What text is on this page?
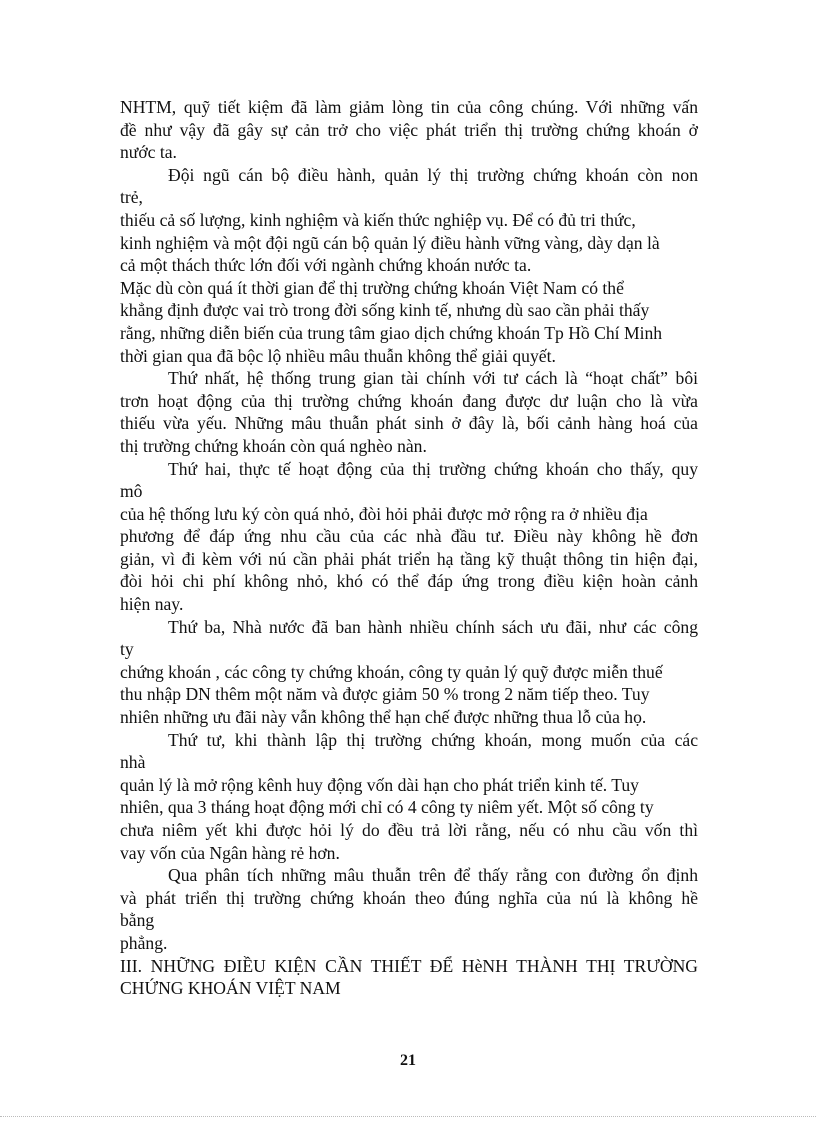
NHTM, quỹ tiết kiệm đã làm giảm lòng tin của công chúng. Với những vấn
đề như vậy đã gây sự cản trở cho việc phát triển thị trường chứng khoán ở
nước ta.
Đội ngũ cán bộ điều hành, quản lý thị trường chứng khoán còn non
trẻ,
thiếu cả số lượng, kinh nghiệm và kiến thức nghiệp vụ. Để có đủ tri thức,
kinh nghiệm và một đội ngũ cán bộ quản lý điều hành vững vàng, dày dạn là
cả một thách thức lớn đối với ngành chứng khoán nước ta.
Mặc dù còn quá ít thời gian để thị trường chứng khoán Việt Nam có thể
khẳng định được vai trò trong đời sống kinh tế, nhưng dù sao cần phải thấy
rằng, những diễn biến của trung tâm giao dịch chứng khoán Tp Hồ Chí Minh
thời gian qua đã bộc lộ nhiều mâu thuẫn không thể giải quyết.
Thứ nhất, hệ thống trung gian tài chính với tư cách là “hoạt chất” bôi
trơn hoạt động của thị trường chứng khoán đang được dư luận cho là vừa
thiếu vừa yếu. Những mâu thuẫn phát sinh ở đây là, bối cảnh hàng hoá của
thị trường chứng khoán còn quá nghèo nàn.
Thứ hai, thực tế hoạt động của thị trường chứng khoán cho thấy, quy
mô
của hệ thống lưu ký còn quá nhỏ, đòi hỏi phải được mở rộng ra ở nhiều địa
phương để đáp ứng nhu cầu của các nhà đầu tư. Điều này không hề đơn
giản, vì đi kèm với nú cần phải phát triển hạ tầng kỹ thuật thông tin hiện đại,
đòi hỏi chi phí không nhỏ, khó có thể đáp ứng trong điều kiện hoàn cảnh
hiện nay.
Thứ ba, Nhà nước đã ban hành nhiều chính sách ưu đãi, như các công
ty
chứng khoán , các công ty chứng khoán, công ty quản lý quỹ được miễn thuế
thu nhập DN thêm một năm và được giảm 50 % trong 2 năm tiếp theo. Tuy
nhiên những ưu đãi này vẫn không thể hạn chế được những thua lỗ của họ.
Thứ tư, khi thành lập thị trường chứng khoán, mong muốn của các
nhà
quản lý là mở rộng kênh huy động vốn dài hạn cho phát triển kinh tế. Tuy
nhiên, qua 3 tháng hoạt động mới chỉ có 4 công ty niêm yết. Một số công ty
chưa niêm yết khi được hỏi lý do đều trả lời rằng, nếu có nhu cầu vốn thì
vay vốn của Ngân hàng rẻ hơn.
Qua phân tích những mâu thuẫn trên để thấy rằng con đường ổn định
và phát triển thị trường chứng khoán theo đúng nghĩa của nú là không hề
bằng
phẳng.
III. NHỮNG ĐIỀU KIỆN CẦN THIẾT ĐỂ HèNH THÀNH THỊ TRƯỜNG
CHỨNG KHOÁN VIỆT NAM
21
